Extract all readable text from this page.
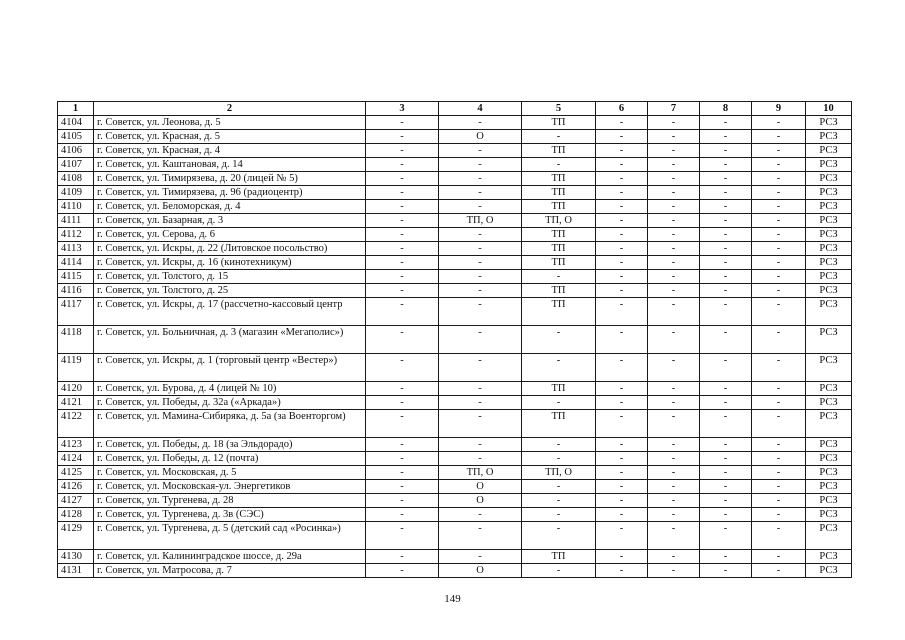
1	2	3	4	5	6	7	8	9	10
4104	г. Советск, ул. Леонова, д. 5	-	-	ТП	-	-	-	-	РСЗ
4105	г. Советск, ул. Красная, д. 5	-	О	-	-	-	-	-	РСЗ
4106	г. Советск, ул. Красная, д. 4	-	-	ТП	-	-	-	-	РСЗ
4107	г. Советск, ул. Каштановая, д. 14	-	-	-	-	-	-	-	РСЗ
4108	г. Советск, ул. Тимирязева, д. 20 (лицей № 5)	-	-	ТП	-	-	-	-	РСЗ
4109	г. Советск, ул. Тимирязева, д. 96 (радиоцентр)	-	-	ТП	-	-	-	-	РСЗ
4110	г. Советск, ул. Беломорская, д. 4	-	-	ТП	-	-	-	-	РСЗ
4111	г. Советск, ул. Базарная, д. 3	-	ТП, О	ТП, О	-	-	-	-	РСЗ
4112	г. Советск, ул. Серова, д. 6	-	-	ТП	-	-	-	-	РСЗ
4113	г. Советск, ул. Искры, д. 22 (Литовское посольство)	-	-	ТП	-	-	-	-	РСЗ
4114	г. Советск, ул. Искры, д. 16 (кинотехникум)	-	-	ТП	-	-	-	-	РСЗ
4115	г. Советск, ул. Толстого, д. 15	-	-	-	-	-	-	-	РСЗ
4116	г. Советск, ул. Толстого, д. 25	-	-	ТП	-	-	-	-	РСЗ
4117	г. Советск, ул. Искры, д. 17 (рассчетно-кассовый центр	-	-	ТП	-	-	-	-	РСЗ
4118	г. Советск, ул. Больничная, д. 3 (магазин «Мегаполис»)	-	-	-	-	-	-	-	РСЗ
4119	г. Советск, ул. Искры, д. 1 (торговый центр «Вестер»)	-	-	-	-	-	-	-	РСЗ
4120	г. Советск, ул. Бурова, д. 4 (лицей № 10)	-	-	ТП	-	-	-	-	РСЗ
4121	г. Советск, ул. Победы, д. 32а («Аркада»)	-	-	-	-	-	-	-	РСЗ
4122	г. Советск, ул. Мамина-Сибиряка, д. 5а (за Военторгом)	-	-	ТП	-	-	-	-	РСЗ
4123	г. Советск, ул. Победы, д. 18 (за Эльдорадо)	-	-	-	-	-	-	-	РСЗ
4124	г. Советск, ул. Победы, д. 12 (почта)	-	-	-	-	-	-	-	РСЗ
4125	г. Советск, ул. Московская, д. 5	-	ТП, О	ТП, О	-	-	-	-	РСЗ
4126	г. Советск, ул. Московская-ул. Энергетиков	-	О	-	-	-	-	-	РСЗ
4127	г. Советск, ул. Тургенева, д. 28	-	О	-	-	-	-	-	РСЗ
4128	г. Советск, ул. Тургенева, д. 3в (СЭС)	-	-	-	-	-	-	-	РСЗ
4129	г. Советск, ул. Тургенева, д. 5 (детский сад «Росинка»)	-	-	-	-	-	-	-	РСЗ
4130	г. Советск, ул. Калининградское шоссе, д. 29а	-	-	ТП	-	-	-	-	РСЗ
4131	г. Советск, ул. Матросова, д. 7	-	О	-	-	-	-	-	РСЗ
149
